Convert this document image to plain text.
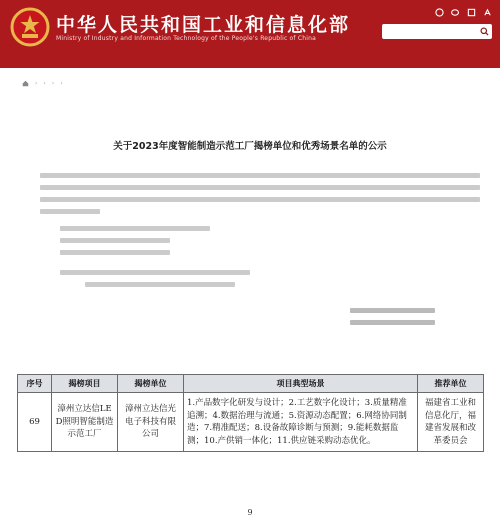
中华人民共和国工业和信息化部
Ministry of Industry and Information Technology of the People's Republic of China
› › › ›
关于2023年度智能制造示范工厂揭榜单位和优秀场景名单的公示
序号	揭榜项目	揭榜单位	项目典型场景	推荐单位
69	漳州立达信LED照明智能制造示范工厂	漳州立达信光电子科技有限公司	1.产品数字化研发与设计；2.工艺数字化设计；3.质量精准追溯；4.数据治理与流通；5.资源动态配置；6.网络协同制造；7.精准配送；8.设备故障诊断与预测；9.能耗数据监测；10.产供销一体化；11.供应链采购动态优化。	福建省工业和信息化厅，福建省发展和改革委员会
9
